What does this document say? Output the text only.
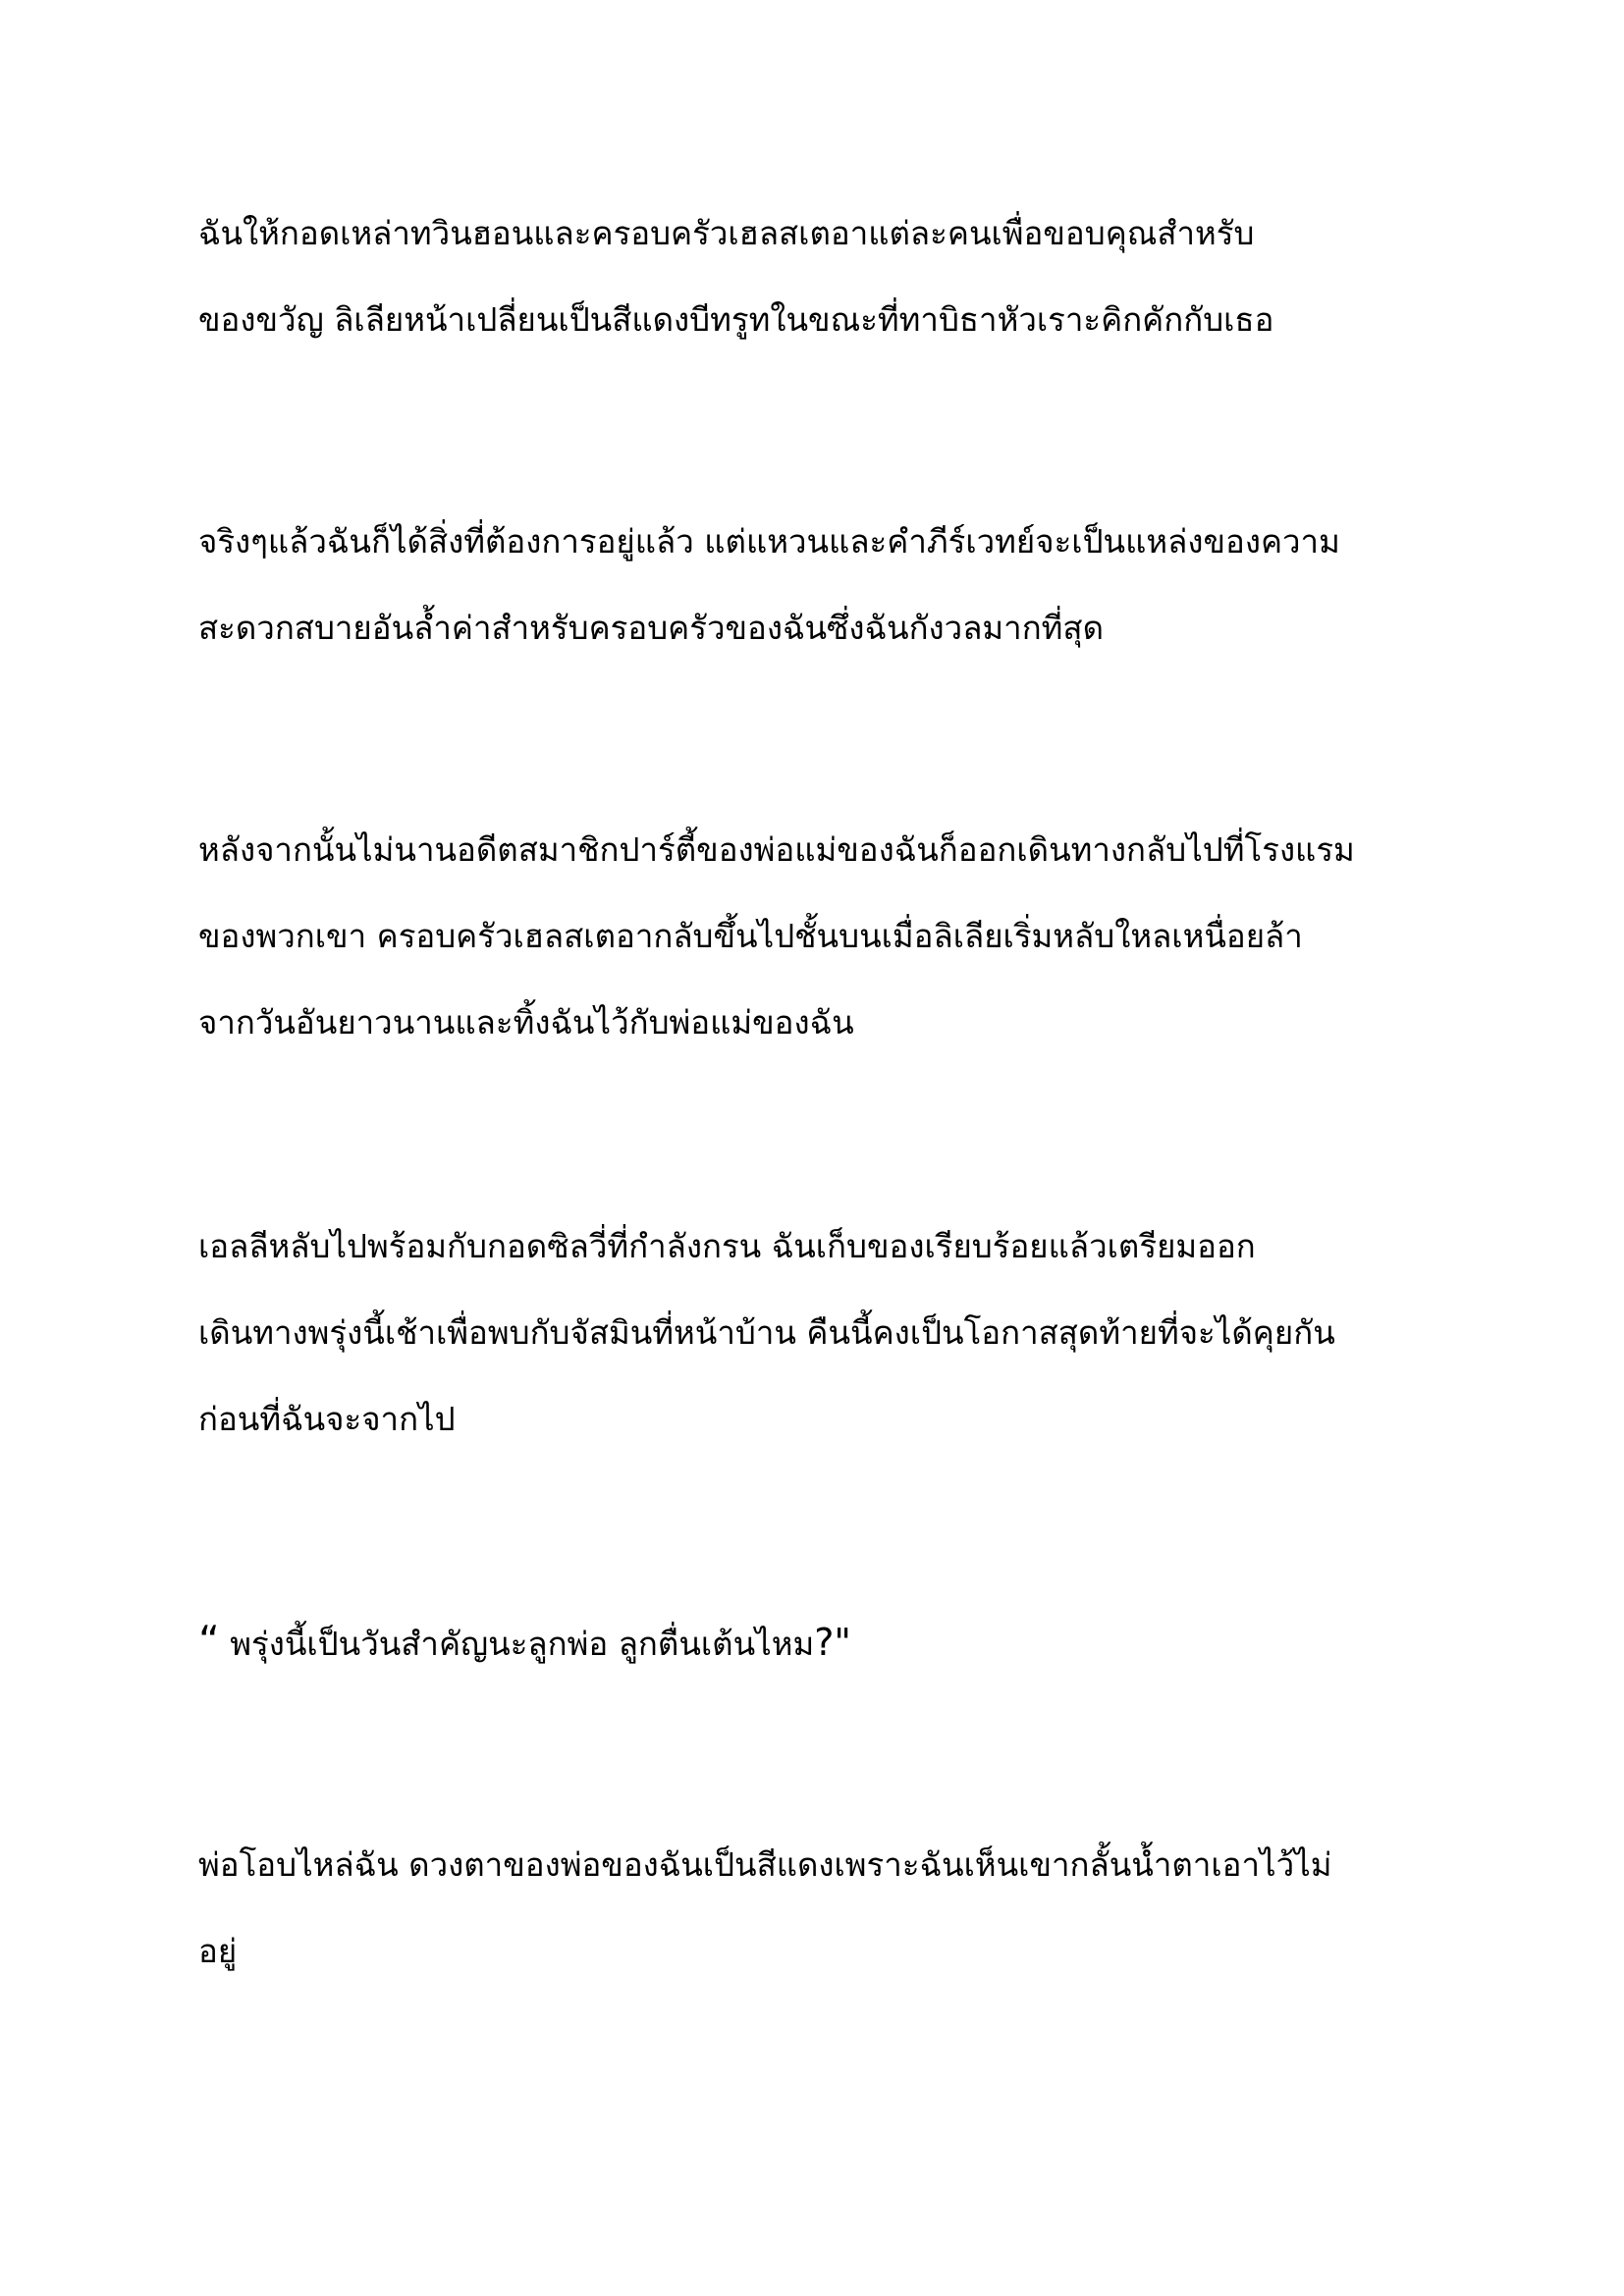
ฉันให้กอดเหล่าทวินฮอนและครอบครัวเฮลสเตอาแต่ละคนเพื่อขอบคุณสำหรับ
ของขวัญ ลิเลียหน้าเปลี่ยนเป็นสีแดงบีทรูทในขณะที่ทาบิธาหัวเราะคิกคักกับเธอ

จริงๆแล้วฉันก็ได้สิ่งที่ต้องการอยู่แล้ว แต่แหวนและคำภีร์เวทย์จะเป็นแหล่งของความ
สะดวกสบายอันล้ำค่าสำหรับครอบครัวของฉันซึ่งฉันกังวลมากที่สุด

หลังจากนั้นไม่นานอดีตสมาชิกปาร์ตี้ของพ่อแม่ของฉันก็ออกเดินทางกลับไปที่โรงแรม
ของพวกเขา ครอบครัวเฮลสเตอากลับขึ้นไปชั้นบนเมื่อลิเลียเริ่มหลับใหลเหนื่อยล้า
จากวันอันยาวนานและทิ้งฉันไว้กับพ่อแม่ของฉัน

เอลลีหลับไปพร้อมกับกอดซิลวี่ที่กำลังกรน ฉันเก็บของเรียบร้อยแล้วเตรียมออก
เดินทางพรุ่งนี้เช้าเพื่อพบกับจัสมินที่หน้าบ้าน คืนนี้คงเป็นโอกาสสุดท้ายที่จะได้คุยกัน
ก่อนที่ฉันจะจากไป

“ พรุ่งนี้เป็นวันสำคัญนะลูกพ่อ ลูกตื่นเต้นไหม?"

พ่อโอบไหล่ฉัน ดวงตาของพ่อของฉันเป็นสีแดงเพราะฉันเห็นเขากลั้นน้ำตาเอาไว้ไม่
อยู่
